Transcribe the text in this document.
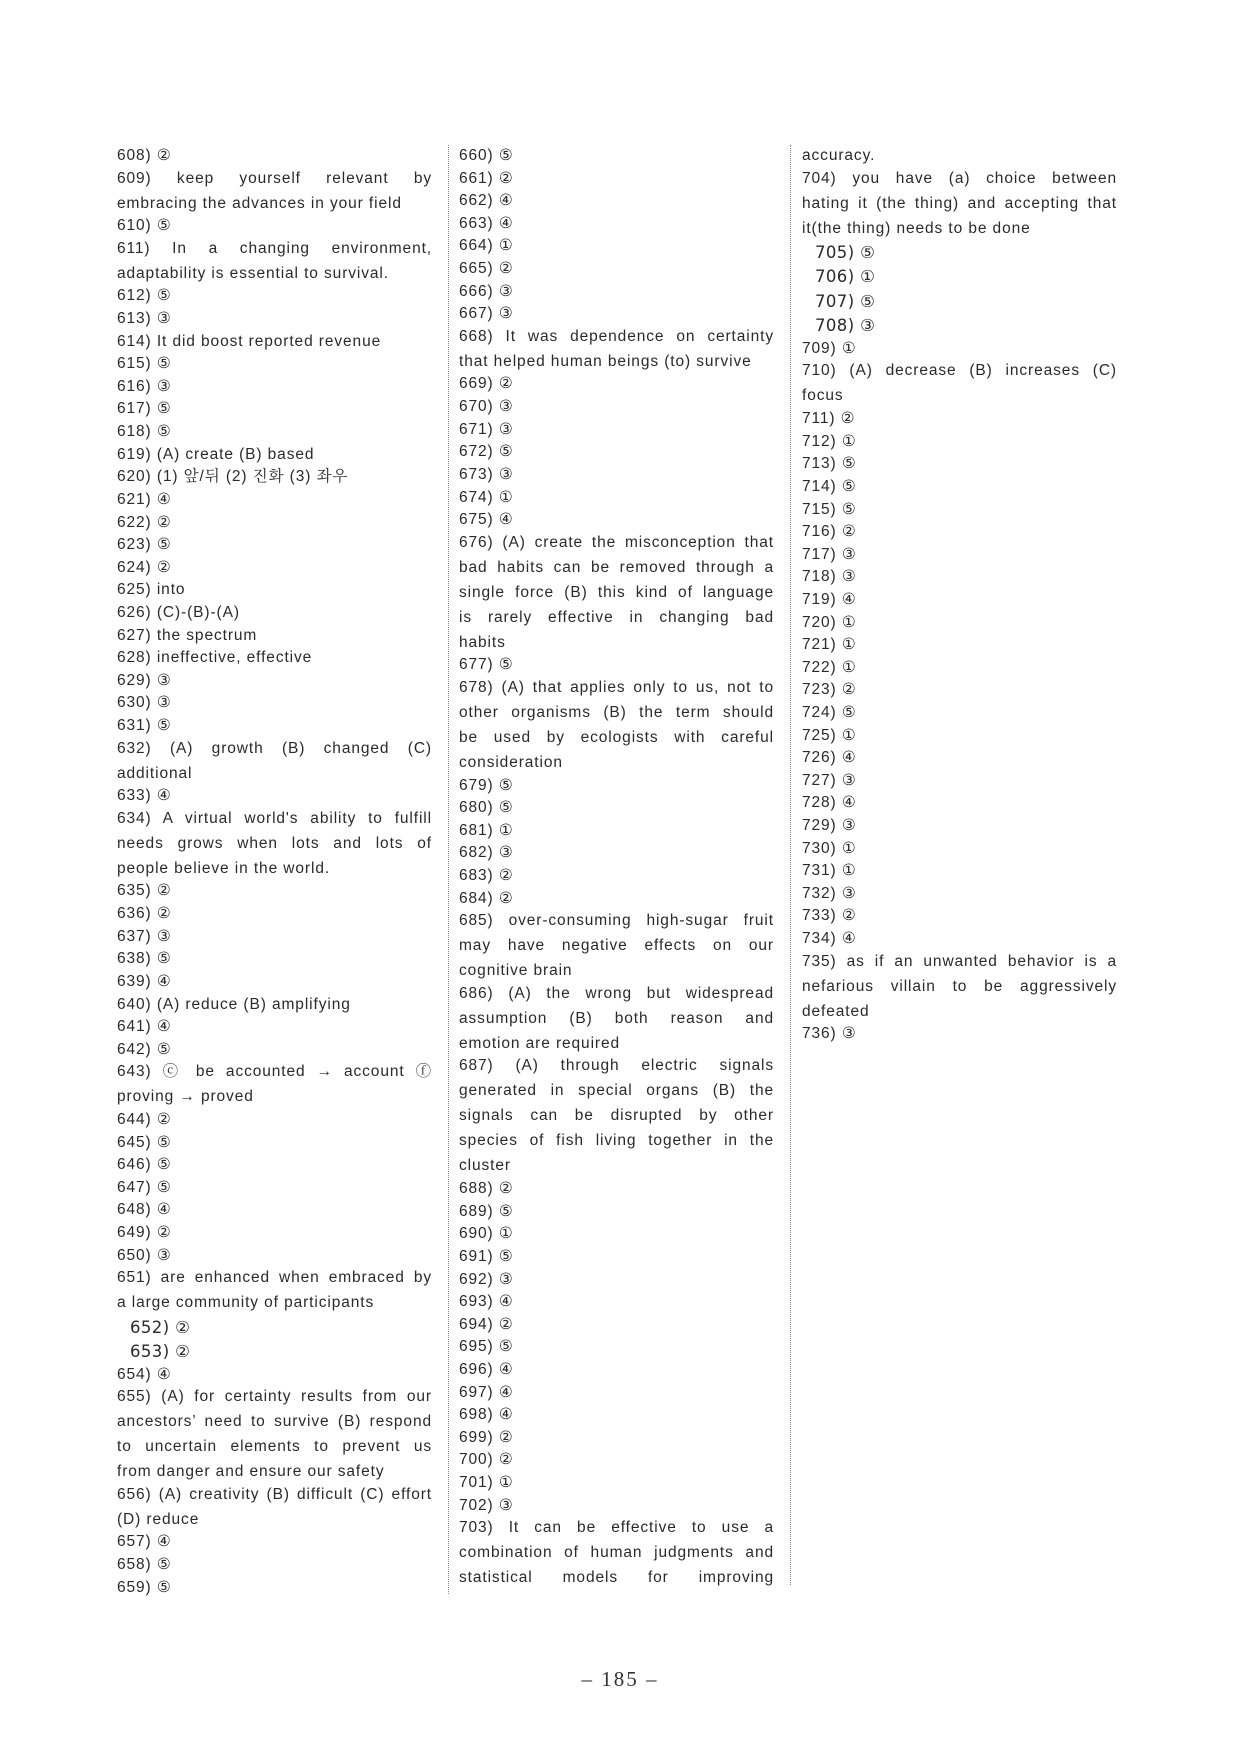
608) ②
609) keep yourself relevant by
embracing the advances in your field
610) ⑤
611) In a changing environment,
adaptability is essential to survival.
612) ⑤
613) ③
614) It did boost reported revenue
615) ⑤
616) ③
617) ⑤
618) ⑤
619) (A) create (B) based
620) (1) 앞/뒤 (2) 진화 (3) 좌우
621) ④
622) ②
623) ⑤
624) ②
625) into
626) (C)-(B)-(A)
627) the spectrum
628) ineffective, effective
629) ③
630) ③
631) ⑤
632) (A) growth (B) changed (C)
additional
633) ④
634) A virtual world's ability to fulfill
needs grows when lots and lots of
people believe in the world.
635) ②
636) ②
637) ③
638) ⑤
639) ④
640) (A) reduce (B) amplifying
641) ④
642) ⑤
643) ⓒ be accounted → account ⓕ
proving → proved
644) ②
645) ⑤
646) ⑤
647) ⑤
648) ④
649) ②
650) ③
651) are enhanced when embraced by
a large community of participants
652) ②
653) ②
654) ④
655) (A) for certainty results from our
ancestors’ need to survive (B) respond
to uncertain elements to prevent us
from danger and ensure our safety
656) (A) creativity (B) difficult (C) effort
(D) reduce
657) ④
658) ⑤
659) ⑤
660) ⑤
661) ②
662) ④
663) ④
664) ①
665) ②
666) ③
667) ③
668) It was dependence on certainty
that helped human beings (to) survive
669) ②
670) ③
671) ③
672) ⑤
673) ③
674) ①
675) ④
676) (A) create the misconception that
bad habits can be removed through a
single force (B) this kind of language
is rarely effective in changing bad
habits
677) ⑤
678) (A) that applies only to us, not to
other organisms (B) the term should
be used by ecologists with careful
consideration
679) ⑤
680) ⑤
681) ①
682) ③
683) ②
684) ②
685) over-consuming high-sugar fruit
may have negative effects on our
cognitive brain
686) (A) the wrong but widespread
assumption (B) both reason and
emotion are required
687) (A) through electric signals
generated in special organs (B) the
signals can be disrupted by other
species of fish living together in the
cluster
688) ②
689) ⑤
690) ①
691) ⑤
692) ③
693) ④
694) ②
695) ⑤
696) ④
697) ④
698) ④
699) ②
700) ②
701) ①
702) ③
703) It can be effective to use a
combination of human judgments and
statistical models for improving
accuracy.
704) you have (a) choice between
hating it (the thing) and accepting that
it(the thing) needs to be done
705) ⑤
706) ①
707) ⑤
708) ③
709) ①
710) (A) decrease (B) increases (C)
focus
711) ②
712) ①
713) ⑤
714) ⑤
715) ⑤
716) ②
717) ③
718) ③
719) ④
720) ①
721) ①
722) ①
723) ②
724) ⑤
725) ①
726) ④
727) ③
728) ④
729) ③
730) ①
731) ①
732) ③
733) ②
734) ④
735) as if an unwanted behavior is a
nefarious villain to be aggressively
defeated
736) ③
– 185 –
